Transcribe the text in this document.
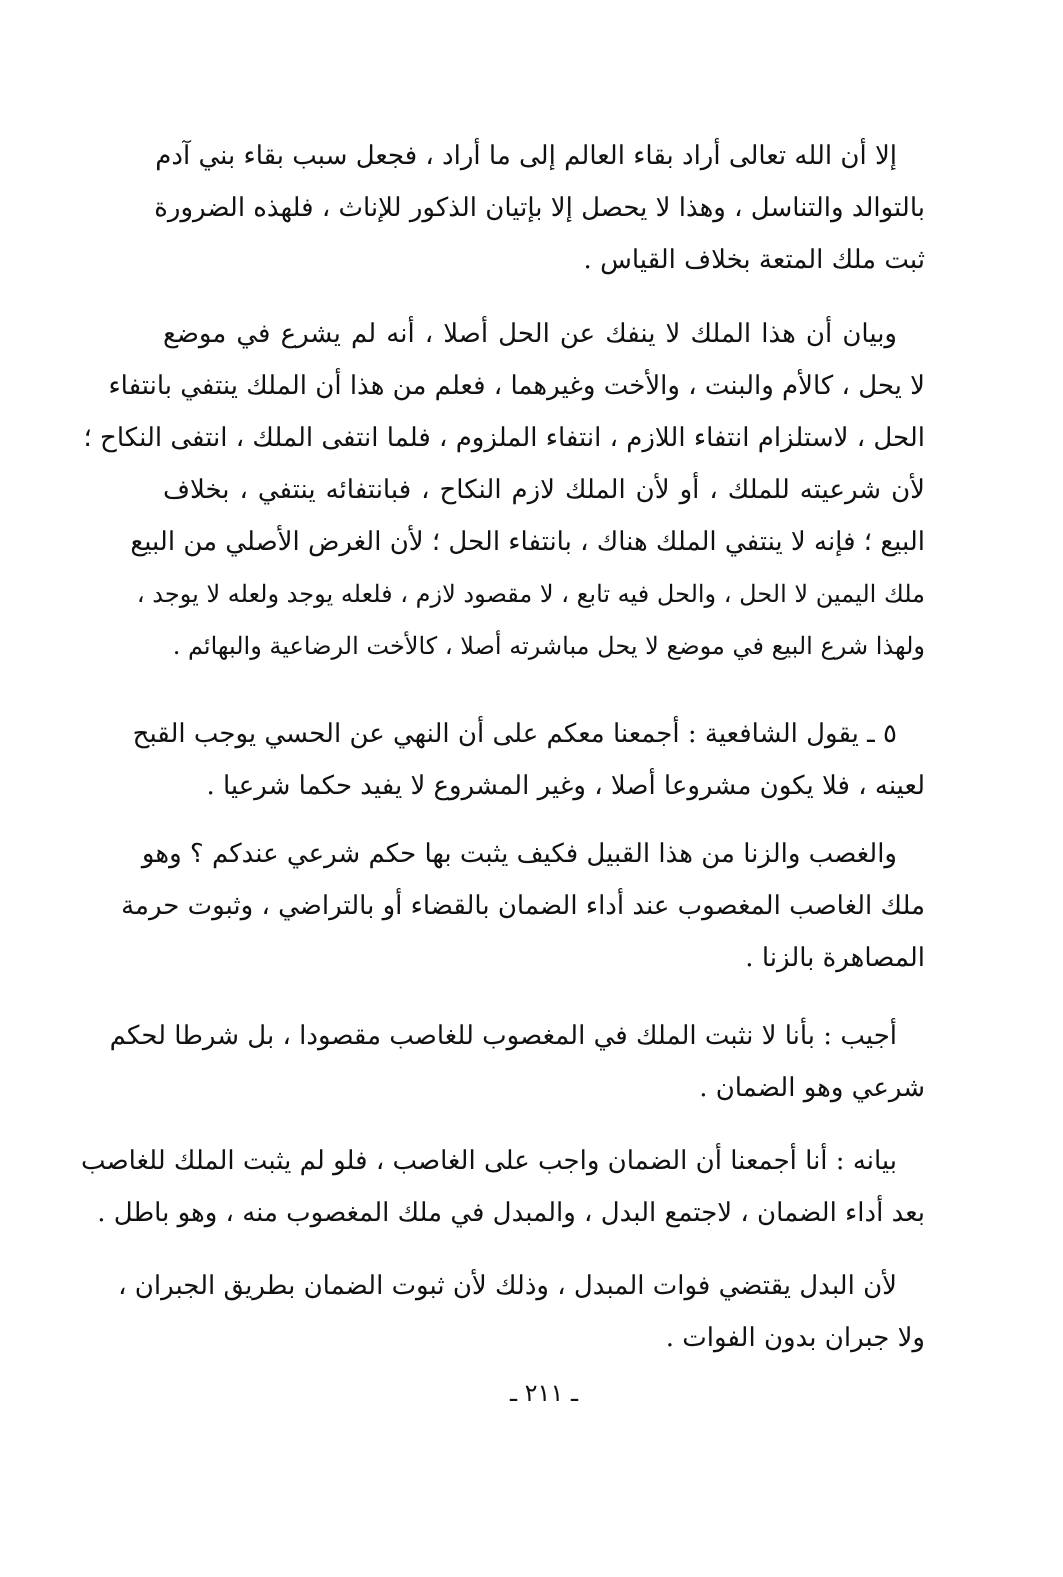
إلا أن الله تعالى أراد بقاء العالم إلى ما أراد ، فجعل سبب بقاء بني آدم
بالتوالد والتناسل ، وهذا لا يحصل إلا بإتيان الذكور للإناث ، فلهذه الضرورة
ثبت ملك المتعة بخلاف القياس .
وبيان أن هذا الملك لا ينفك عن الحل أصلا ، أنه لم يشرع في موضع
لا يحل ، كالأم والبنت ، والأخت وغيرهما ، فعلم من هذا أن الملك ينتفي بانتفاء
الحل ، لاستلزام انتفاء اللازم ، انتفاء الملزوم ، فلما انتفى الملك ، انتفى النكاح ؛
لأن شرعيته للملك ، أو لأن الملك لازم النكاح ، فبانتفائه ينتفي ، بخلاف
البيع ؛ فإنه لا ينتفي الملك هناك ، بانتفاء الحل ؛ لأن الغرض الأصلي من البيع
ملك اليمين لا الحل ، والحل فيه تابع ، لا مقصود لازم ، فلعله يوجد ولعله لا يوجد ،
ولهذا شرع البيع في موضع لا يحل مباشرته أصلا ، كالأخت الرضاعية والبهائم .
٥ ـ يقول الشافعية : أجمعنا معكم على أن النهي عن الحسي يوجب القبح
لعينه ، فلا يكون مشروعا أصلا ، وغير المشروع لا يفيد حكما شرعيا .
والغصب والزنا من هذا القبيل فكيف يثبت بها حكم شرعي عندكم ؟ وهو
ملك الغاصب المغصوب عند أداء الضمان بالقضاء أو بالتراضي ، وثبوت حرمة
المصاهرة بالزنا .
أجيب : بأنا لا نثبت الملك في المغصوب للغاصب مقصودا ، بل شرطا لحكم
شرعي وهو الضمان .
بيانه : أنا أجمعنا أن الضمان واجب على الغاصب ، فلو لم يثبت الملك للغاصب
بعد أداء الضمان ، لاجتمع البدل ، والمبدل في ملك المغصوب منه ، وهو باطل .
لأن البدل يقتضي فوات المبدل ، وذلك لأن ثبوت الضمان بطريق الجبران ،
ولا جبران بدون الفوات .
ـ ٢١١ ـ
